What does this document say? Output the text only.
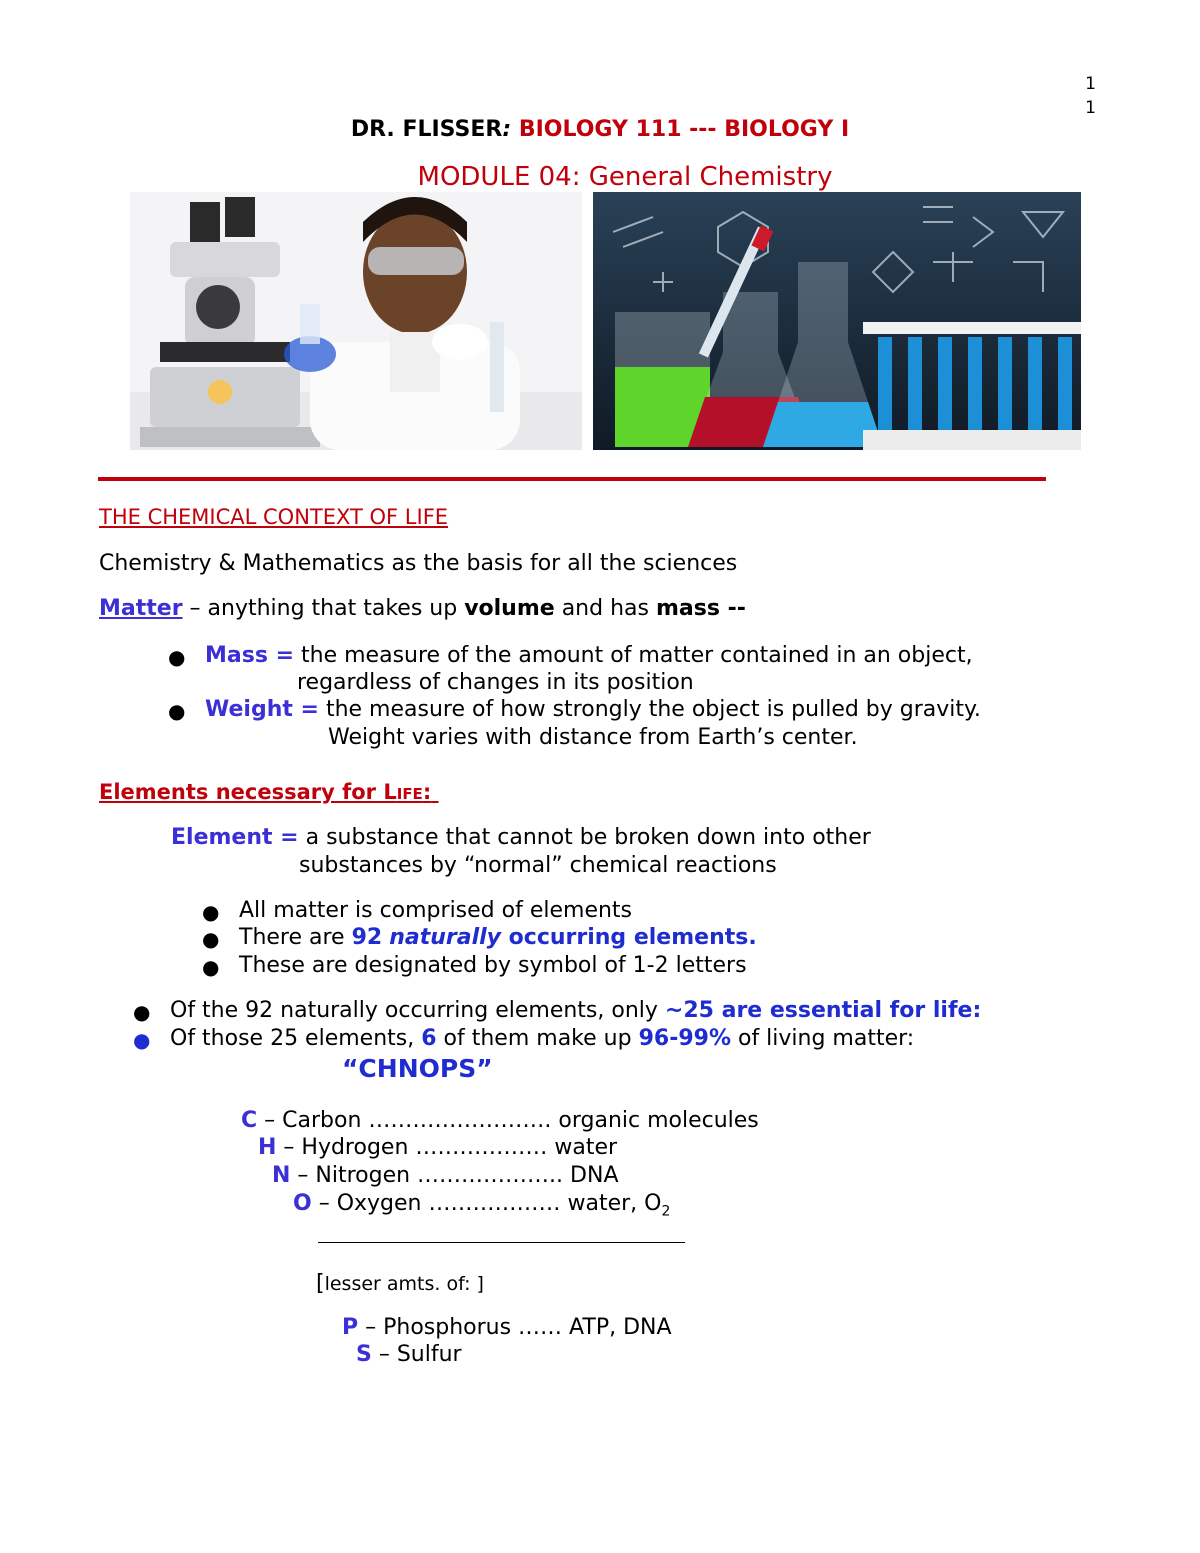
1
1
DR. FLISSER: BIOLOGY 111 --- BIOLOGY I
MODULE 04: General Chemistry
THE CHEMICAL CONTEXT OF LIFE
Chemistry & Mathematics as the basis for all the sciences
Matter – anything that takes up volume and has mass --
● Mass = the measure of the amount of matter contained in an object,
regardless of changes in its position
● Weight = the measure of how strongly the object is pulled by gravity.
Weight varies with distance from Earth’s center.
Elements necessary for Life:
Element = a substance that cannot be broken down into other
substances by “normal” chemical reactions
● All matter is comprised of elements
● There are 92 naturally occurring elements.
● These are designated by symbol of 1-2 letters
● Of the 92 naturally occurring elements, only ~25 are essential for life:
● Of those 25 elements, 6 of them make up 96-99% of living matter:
“CHNOPS”
C – Carbon ……………………. organic molecules
H – Hydrogen ……………… water
N – Nitrogen ……………….. DNA
O – Oxygen ……………… water, $O_2$
[lesser amts. of: ]
P – Phosphorus …… ATP, DNA
S – Sulfur
